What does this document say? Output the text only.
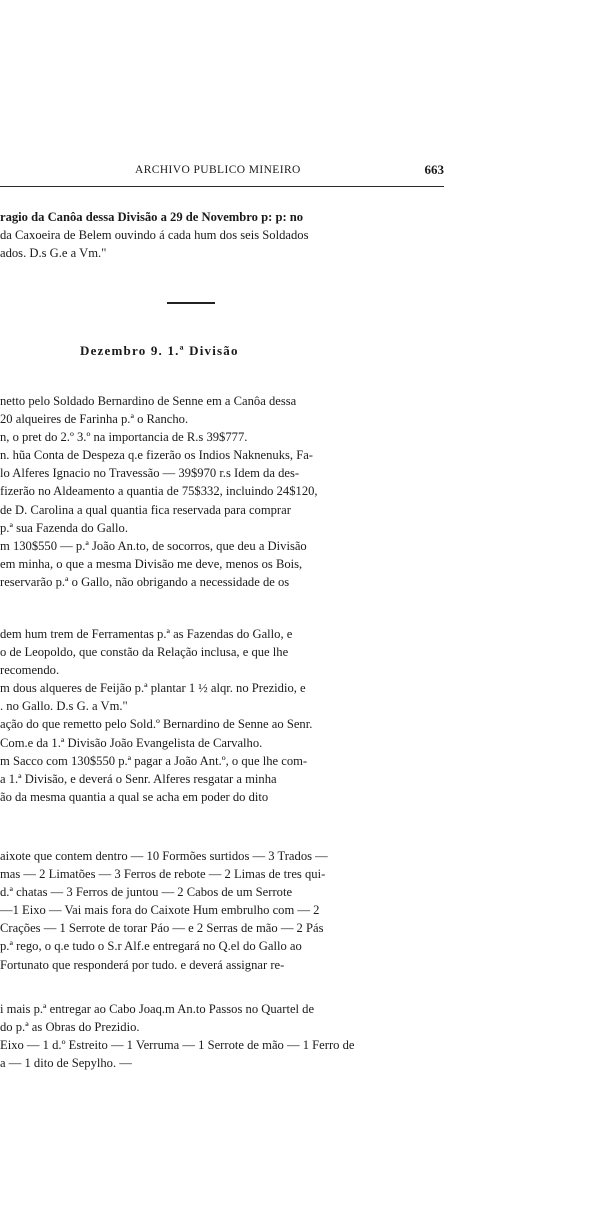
ARCHIVO PUBLICO MINEIRO	663
ragio da Canôa dessa Divisão a 29 de Novembro p: p: no
da Caxoeira de Belem ouvindo á cada hum dos seis Soldados
ados. D.s G.e a Vm."
Dezembro 9. 1.ª Divisão
netto pelo Soldado Bernardino de Senne em a Canôa dessa
20 alqueires de Farinha p.ª o Rancho.
n, o pret do 2.º 3.º na importancia de R.s 39$777.
n. hũa Conta de Despeza q.e fizerão os Indios Naknenuks, Fa-
lo Alferes Ignacio no Travessão — 39$970 r.s Idem da des-
fizerão no Aldeamento a quantia de 75$332, incluindo 24$120,
de D. Carolina a qual quantia fica reservada para comprar
p.ª sua Fazenda do Gallo.
m 130$550 — p.ª João An.to, de socorros, que deu a Divisão
em minha, o que a mesma Divisão me deve, menos os Bois,
reservarão p.ª o Gallo, não obrigando a necessidade de os
dem hum trem de Ferramentas p.ª as Fazendas do Gallo, e
o de Leopoldo, que constão da Relação inclusa, e que lhe
recomendo.
m dous alqueres de Feijão p.ª plantar 1 ½ alqr. no Prezidio, e
. no Gallo. D.s G. a Vm."
ação do que remetto pelo Sold.º Bernardino de Senne ao Senr.
Com.e da 1.ª Divisão João Evangelista de Carvalho.
m Sacco com 130$550 p.ª pagar a João Ant.º, o que lhe com-
a 1.ª Divisão, e deverá o Senr. Alferes resgatar a minha
ão da mesma quantia a qual se acha em poder do dito
aixote que contem dentro — 10 Formões surtidos — 3 Trados —
mas — 2 Limatões — 3 Ferros de rebote — 2 Limas de tres qui-
d.ª chatas — 3 Ferros de juntou — 2 Cabos de um Serrote
—1 Eixo — Vai mais fora do Caixote Hum embrulho com — 2
Crações — 1 Serrote de torar Páo — e 2 Serras de mão — 2 Pás
p.ª rego, o q.e tudo o S.r Alf.e entregará no Q.el do Gallo ao
Fortunato que responderá por tudo. e deverá assignar re-
i mais p.ª entregar ao Cabo Joaq.m An.to Passos no Quartel de
do p.ª as Obras do Prezidio.
Eixo — 1 d.º Estreito — 1 Verruma — 1 Serrote de mão — 1 Ferro de
a — 1 dito de Sepylho. —
